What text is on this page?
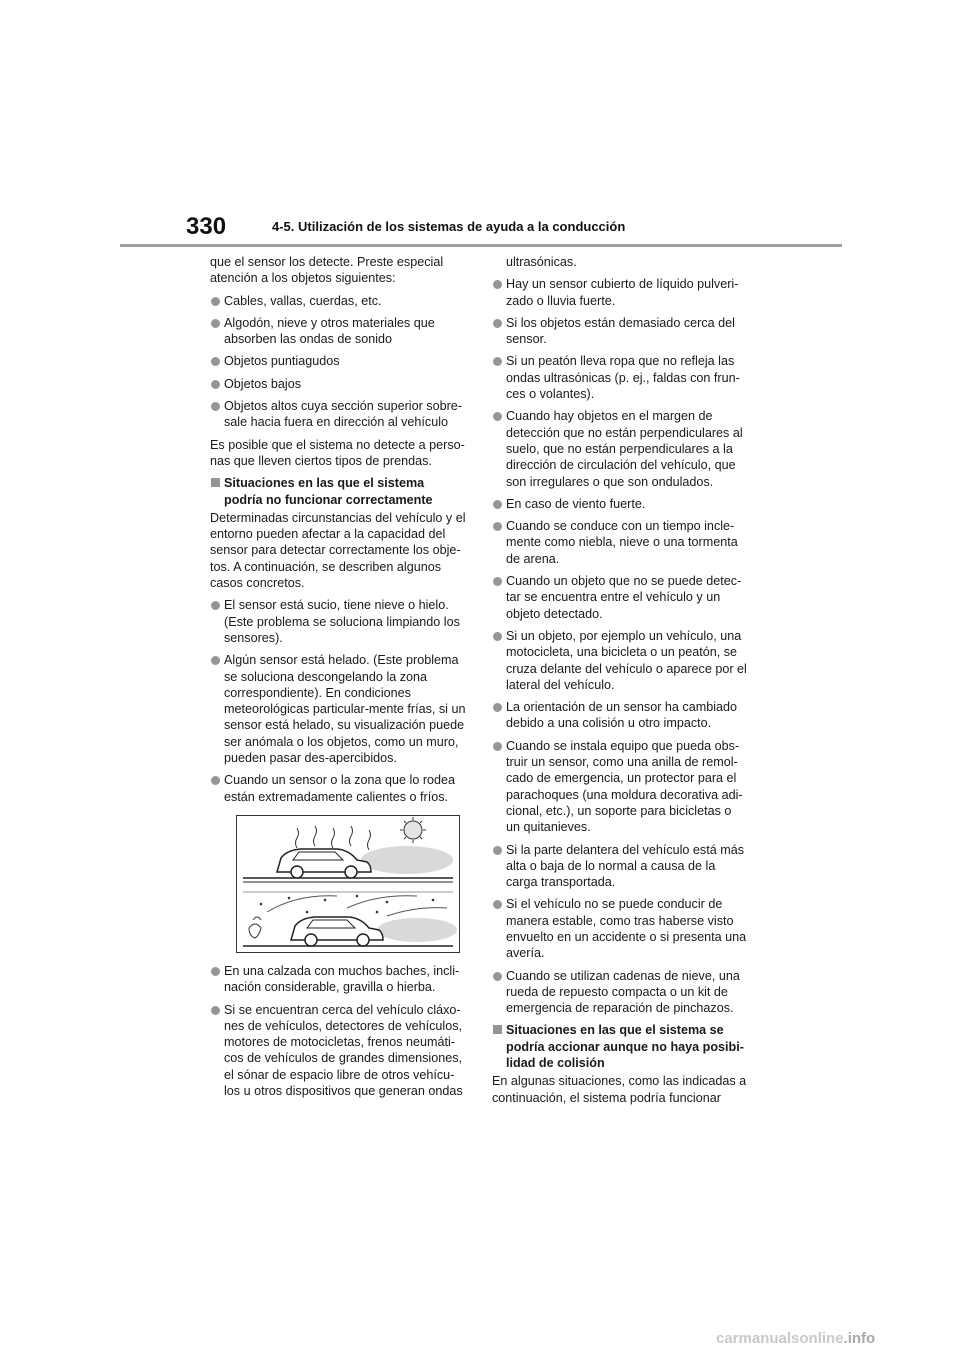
330	4-5. Utilización de los sistemas de ayuda a la conducción

que el sensor los detecte. Preste especial atención a los objetos siguientes:

Cables, vallas, cuerdas, etc.
Algodón, nieve y otros materiales que absorben las ondas de sonido
Objetos puntiagudos
Objetos bajos
Objetos altos cuya sección superior sobre-sale hacia fuera en dirección al vehículo

Es posible que el sistema no detecte a perso-nas que lleven ciertos tipos de prendas.

Situaciones en las que el sistema podría no funcionar correctamente

Determinadas circunstancias del vehículo y el entorno pueden afectar a la capacidad del sensor para detectar correctamente los obje-tos. A continuación, se describen algunos casos concretos.

El sensor está sucio, tiene nieve o hielo. (Este problema se soluciona limpiando los sensores).
Algún sensor está helado. (Este problema se soluciona descongelando la zona correspondiente). En condiciones meteorológicas particular-mente frías, si un sensor está helado, su visualización puede ser anómala o los objetos, como un muro, pueden pasar des-apercibidos.
Cuando un sensor o la zona que lo rodea están extremadamente calientes o fríos.
En una calzada con muchos baches, incli-nación considerable, gravilla o hierba.
Si se encuentran cerca del vehículo cláxo-nes de vehículos, detectores de vehículos, motores de motocicletas, frenos neumáti-cos de vehículos de grandes dimensiones, el sónar de espacio libre de otros vehícu-los u otros dispositivos que generan ondas

ultrasónicas.

Hay un sensor cubierto de líquido pulveri-zado o lluvia fuerte.
Si los objetos están demasiado cerca del sensor.
Si un peatón lleva ropa que no refleja las ondas ultrasónicas (p. ej., faldas con frun-ces o volantes).
Cuando hay objetos en el margen de detección que no están perpendiculares al suelo, que no están perpendiculares a la dirección de circulación del vehículo, que son irregulares o que son ondulados.
En caso de viento fuerte.
Cuando se conduce con un tiempo incle-mente como niebla, nieve o una tormenta de arena.
Cuando un objeto que no se puede detec-tar se encuentra entre el vehículo y un objeto detectado.
Si un objeto, por ejemplo un vehículo, una motocicleta, una bicicleta o un peatón, se cruza delante del vehículo o aparece por el lateral del vehículo.
La orientación de un sensor ha cambiado debido a una colisión u otro impacto.
Cuando se instala equipo que pueda obs-truir un sensor, como una anilla de remol-cado de emergencia, un protector para el parachoques (una moldura decorativa adi-cional, etc.), un soporte para bicicletas o un quitanieves.
Si la parte delantera del vehículo está más alta o baja de lo normal a causa de la carga transportada.
Si el vehículo no se puede conducir de manera estable, como tras haberse visto envuelto en un accidente o si presenta una avería.
Cuando se utilizan cadenas de nieve, una rueda de repuesto compacta o un kit de emergencia de reparación de pinchazos.
Situaciones en las que el sistema se podría accionar aunque no haya posibi-lidad de colisión

En algunas situaciones, como las indicadas a continuación, el sistema podría funcionar

carmanualsonline.info
